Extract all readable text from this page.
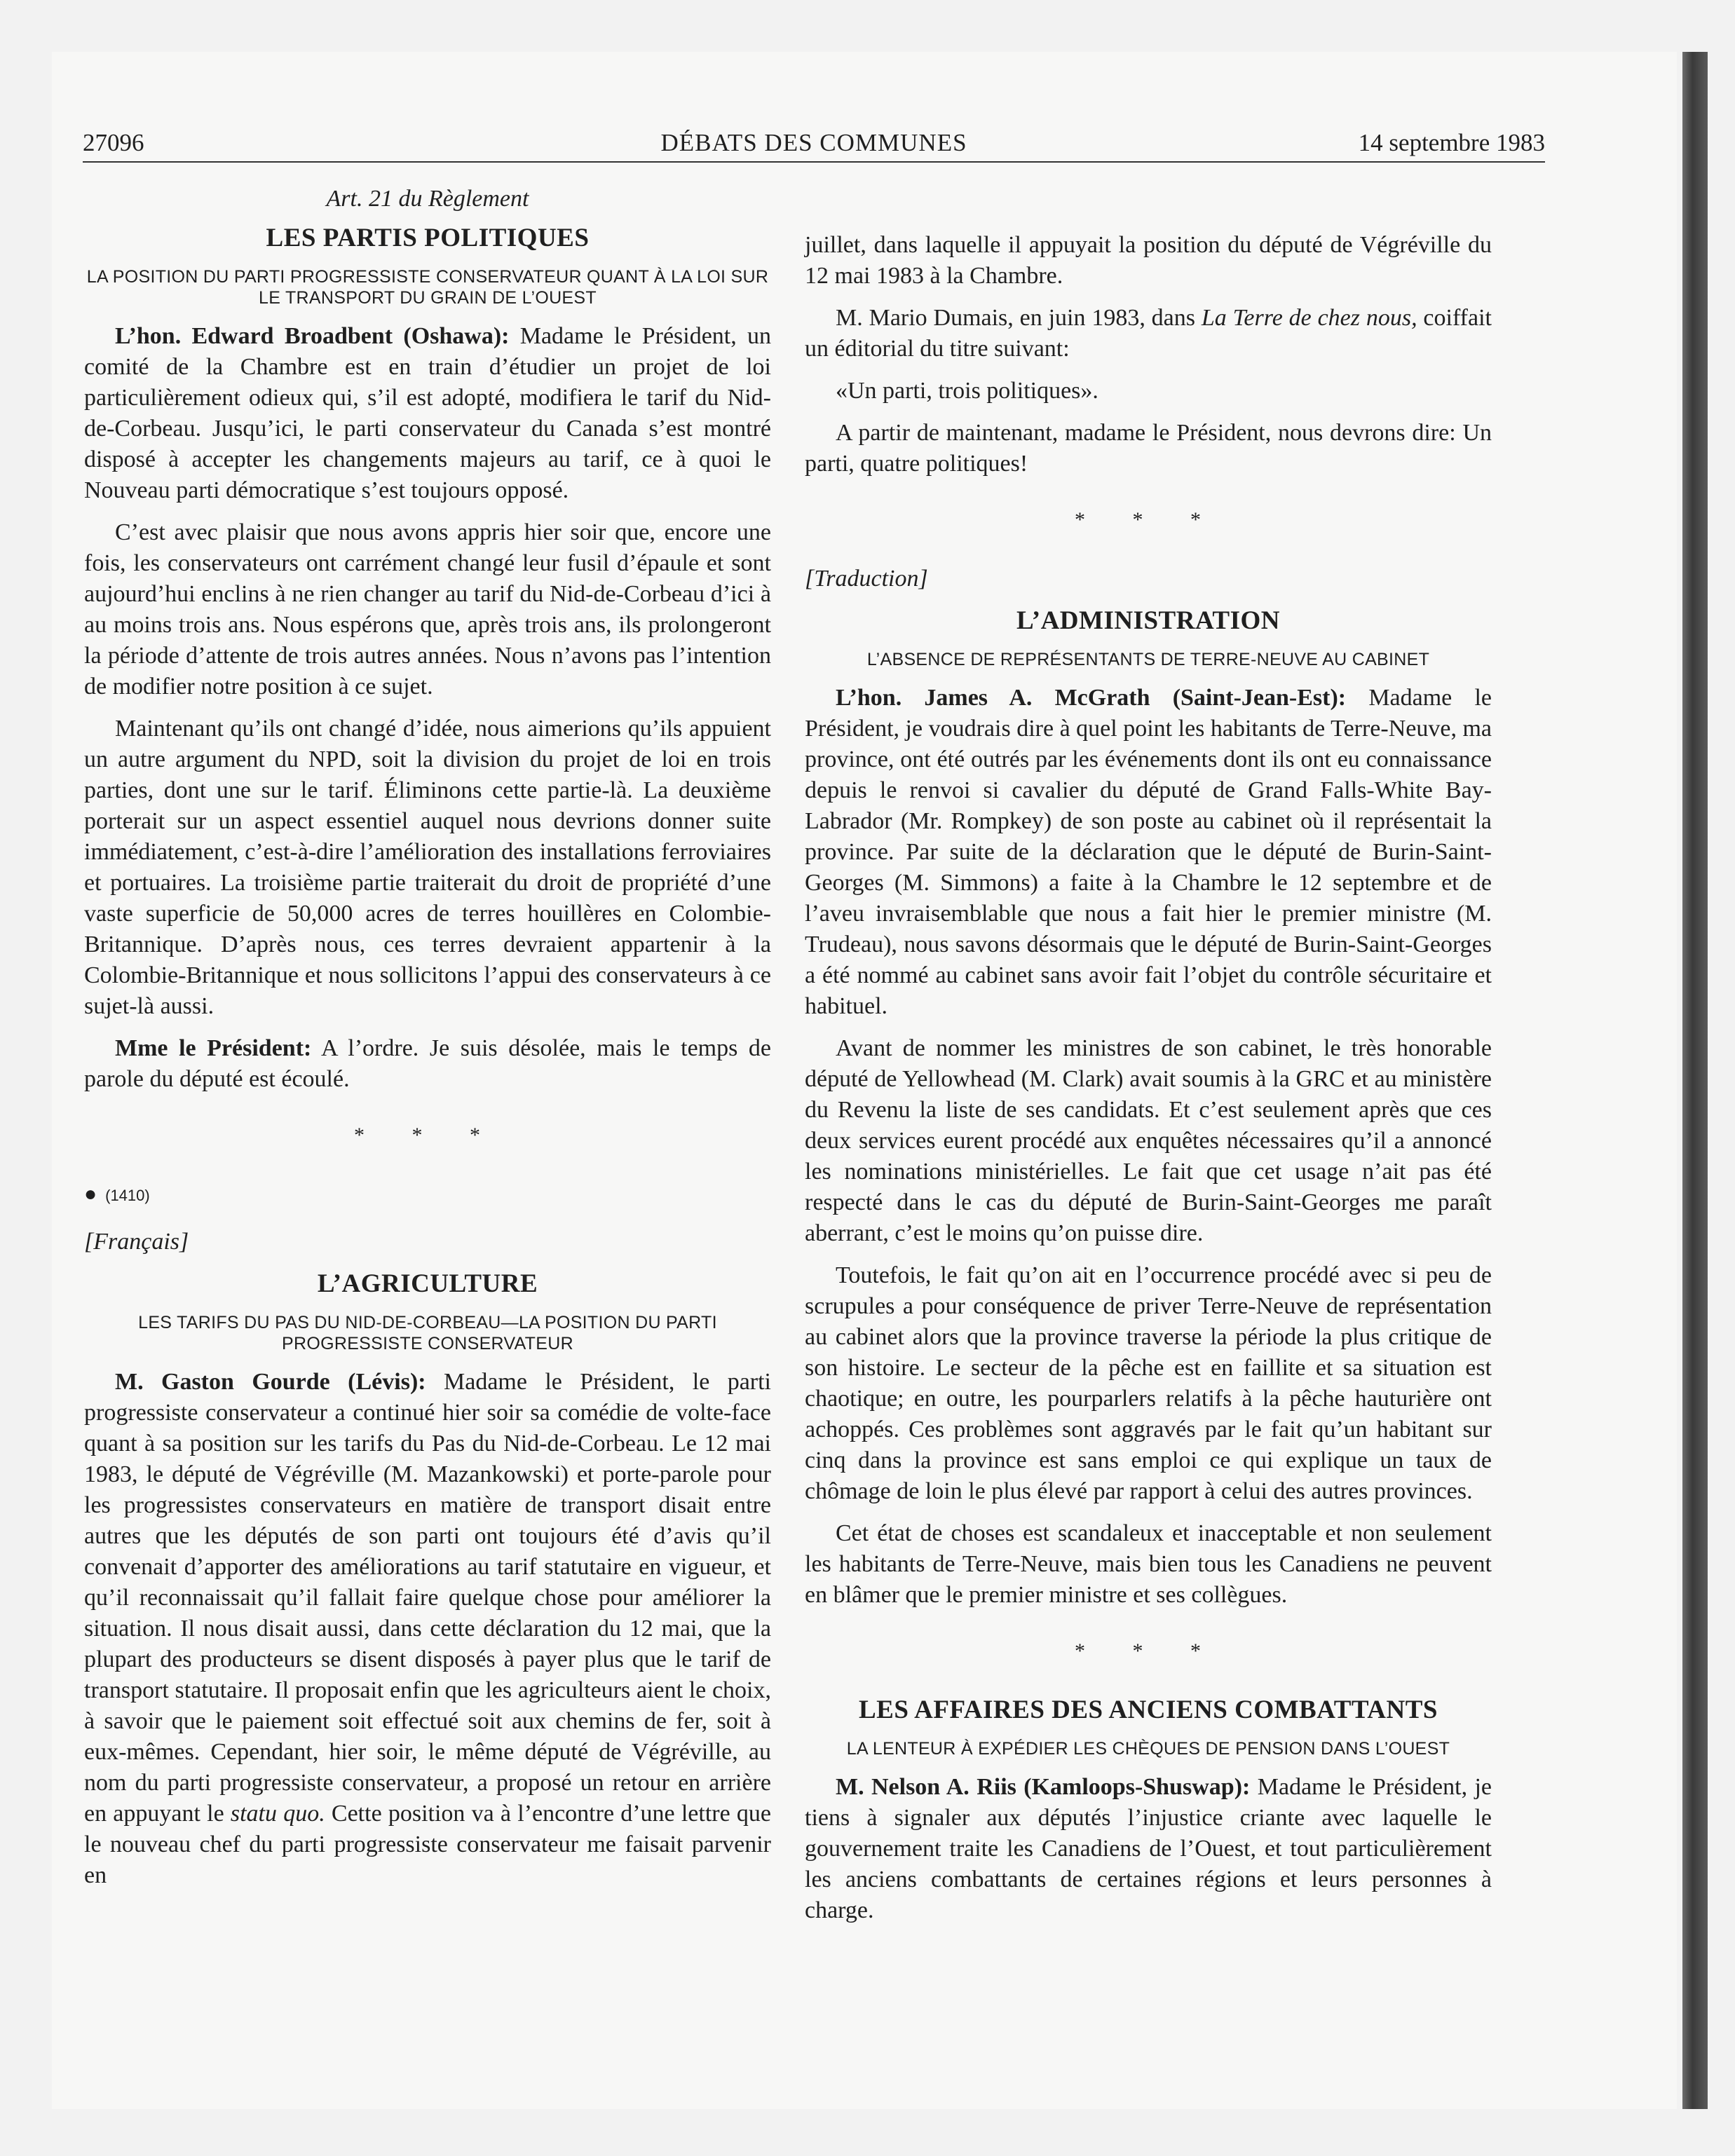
27096	DÉBATS DES COMMUNES	14 septembre 1983
Art. 21 du Règlement
LES PARTIS POLITIQUES
LA POSITION DU PARTI PROGRESSISTE CONSERVATEUR QUANT À LA LOI SUR LE TRANSPORT DU GRAIN DE L’OUEST

L’hon. Edward Broadbent (Oshawa): Madame le Président, un comité de la Chambre est en train d’étudier un projet de loi particulièrement odieux qui, s’il est adopté, modifiera le tarif du Nid-de-Corbeau. Jusqu’ici, le parti conservateur du Canada s’est montré disposé à accepter les changements majeurs au tarif, ce à quoi le Nouveau parti démocratique s’est toujours opposé.

C’est avec plaisir que nous avons appris hier soir que, encore une fois, les conservateurs ont carrément changé leur fusil d’épaule et sont aujourd’hui enclins à ne rien changer au tarif du Nid-de-Corbeau d’ici à au moins trois ans. Nous espérons que, après trois ans, ils prolongeront la période d’attente de trois autres années. Nous n’avons pas l’intention de modifier notre position à ce sujet.

Maintenant qu’ils ont changé d’idée, nous aimerions qu’ils appuient un autre argument du NPD, soit la division du projet de loi en trois parties, dont une sur le tarif. Éliminons cette partie-là. La deuxième porterait sur un aspect essentiel auquel nous devrions donner suite immédiatement, c’est-à-dire l’amélioration des installations ferroviaires et portuaires. La troisième partie traiterait du droit de propriété d’une vaste superficie de 50,000 acres de terres houillères en Colombie-Britannique. D’après nous, ces terres devraient appartenir à la Colombie-Britannique et nous sollicitons l’appui des conservateurs à ce sujet-là aussi.

Mme le Président: A l’ordre. Je suis désolée, mais le temps de parole du député est écoulé.

* * *
● (1410)
[Français]
L’AGRICULTURE
LES TARIFS DU PAS DU NID-DE-CORBEAU—LA POSITION DU PARTI PROGRESSISTE CONSERVATEUR

M. Gaston Gourde (Lévis): Madame le Président, le parti progressiste conservateur a continué hier soir sa comédie de volte-face quant à sa position sur les tarifs du Pas du Nid-de-Corbeau. Le 12 mai 1983, le député de Végréville (M. Mazankowski) et porte-parole pour les progressistes conservateurs en matière de transport disait entre autres que les députés de son parti ont toujours été d’avis qu’il convenait d’apporter des améliorations au tarif statutaire en vigueur, et qu’il reconnaissait qu’il fallait faire quelque chose pour améliorer la situation. Il nous disait aussi, dans cette déclaration du 12 mai, que la plupart des producteurs se disent disposés à payer plus que le tarif de transport statutaire. Il proposait enfin que les agriculteurs aient le choix, à savoir que le paiement soit effectué soit aux chemins de fer, soit à eux-mêmes. Cependant, hier soir, le même député de Végréville, au nom du parti progressiste conservateur, a proposé un retour en arrière en appuyant le statu quo. Cette position va à l’encontre d’une lettre que le nouveau chef du parti progressiste conservateur me faisait parvenir en

juillet, dans laquelle il appuyait la position du député de Végréville du 12 mai 1983 à la Chambre.

M. Mario Dumais, en juin 1983, dans La Terre de chez nous, coiffait un éditorial du titre suivant:

«Un parti, trois politiques».

A partir de maintenant, madame le Président, nous devrons dire: Un parti, quatre politiques!

* * *
[Traduction]
L’ADMINISTRATION
L’ABSENCE DE REPRÉSENTANTS DE TERRE-NEUVE AU CABINET

L’hon. James A. McGrath (Saint-Jean-Est): Madame le Président, je voudrais dire à quel point les habitants de Terre-Neuve, ma province, ont été outrés par les événements dont ils ont eu connaissance depuis le renvoi si cavalier du député de Grand Falls-White Bay-Labrador (Mr. Rompkey) de son poste au cabinet où il représentait la province. Par suite de la déclaration que le député de Burin-Saint-Georges (M. Simmons) a faite à la Chambre le 12 septembre et de l’aveu invraisemblable que nous a fait hier le premier ministre (M. Trudeau), nous savons désormais que le député de Burin-Saint-Georges a été nommé au cabinet sans avoir fait l’objet du contrôle sécuritaire et habituel.

Avant de nommer les ministres de son cabinet, le très honorable député de Yellowhead (M. Clark) avait soumis à la GRC et au ministère du Revenu la liste de ses candidats. Et c’est seulement après que ces deux services eurent procédé aux enquêtes nécessaires qu’il a annoncé les nominations ministérielles. Le fait que cet usage n’ait pas été respecté dans le cas du député de Burin-Saint-Georges me paraît aberrant, c’est le moins qu’on puisse dire.

Toutefois, le fait qu’on ait en l’occurrence procédé avec si peu de scrupules a pour conséquence de priver Terre-Neuve de représentation au cabinet alors que la province traverse la période la plus critique de son histoire. Le secteur de la pêche est en faillite et sa situation est chaotique; en outre, les pourparlers relatifs à la pêche hauturière ont achoppés. Ces problèmes sont aggravés par le fait qu’un habitant sur cinq dans la province est sans emploi ce qui explique un taux de chômage de loin le plus élevé par rapport à celui des autres provinces.

Cet état de choses est scandaleux et inacceptable et non seulement les habitants de Terre-Neuve, mais bien tous les Canadiens ne peuvent en blâmer que le premier ministre et ses collègues.

* * *
LES AFFAIRES DES ANCIENS COMBATTANTS
LA LENTEUR À EXPÉDIER LES CHÈQUES DE PENSION DANS L’OUEST

M. Nelson A. Riis (Kamloops-Shuswap): Madame le Président, je tiens à signaler aux députés l’injustice criante avec laquelle le gouvernement traite les Canadiens de l’Ouest, et tout particulièrement les anciens combattants de certaines régions et leurs personnes à charge.
